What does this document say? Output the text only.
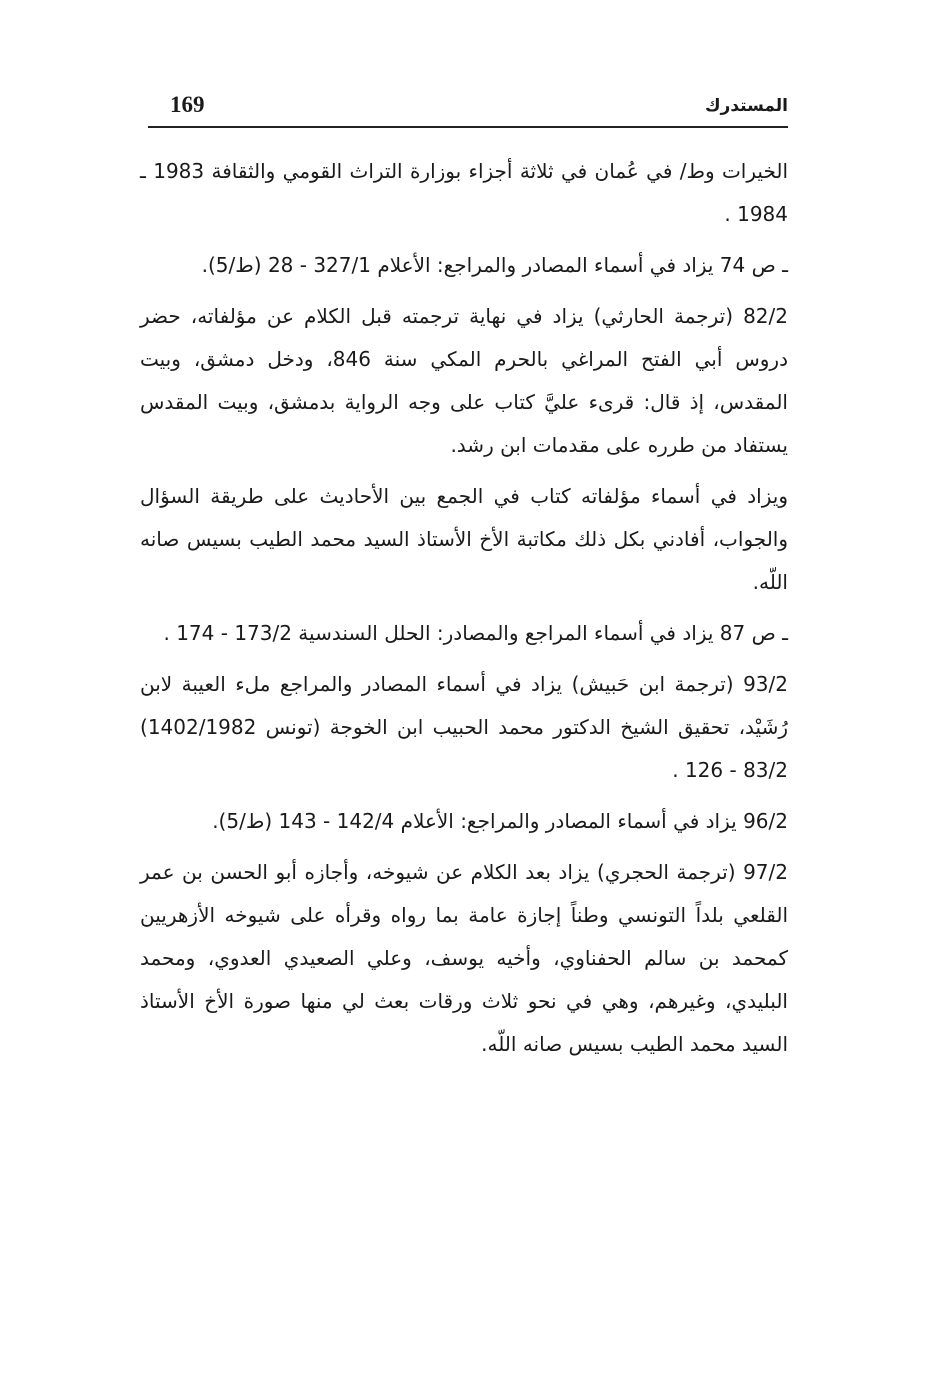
169	المستدرك

الخيرات وط/ في عُمان في ثلاثة أجزاء بوزارة التراث القومي والثقافة 1983 ـ 1984 .

ـ ص 74 يزاد في أسماء المصادر والمراجع: الأعلام 327/1 - 28 (ط/5).

82/2 (ترجمة الحارثي) يزاد في نهاية ترجمته قبل الكلام عن مؤلفاته، حضر دروس أبي الفتح المراغي بالحرم المكي سنة 846، ودخل دمشق، وبيت المقدس، إذ قال: قرىء عليَّ كتاب على وجه الرواية بدمشق، وبيت المقدس يستفاد من طرره على مقدمات ابن رشد.

ويزاد في أسماء مؤلفاته كتاب في الجمع بين الأحاديث على طريقة السؤال والجواب، أفادني بكل ذلك مكاتبة الأخ الأستاذ السيد محمد الطيب بسيس صانه اللّه.

ـ ص 87 يزاد في أسماء المراجع والمصادر: الحلل السندسية 173/2 - 174 .

93/2 (ترجمة ابن حَبيش) يزاد في أسماء المصادر والمراجع ملء العيبة لابن رُشَيْد، تحقيق الشيخ الدكتور محمد الحبيب ابن الخوجة (تونس 1402/1982) 83/2 - 126 .

96/2 يزاد في أسماء المصادر والمراجع: الأعلام 142/4 - 143 (ط/5).

97/2 (ترجمة الحجري) يزاد بعد الكلام عن شيوخه، وأجازه أبو الحسن بن عمر القلعي بلداً التونسي وطناً إجازة عامة بما رواه وقرأه على شيوخه الأزهريين كمحمد بن سالم الحفناوي، وأخيه يوسف، وعلي الصعيدي العدوي، ومحمد البليدي، وغيرهم، وهي في نحو ثلاث ورقات بعث لي منها صورة الأخ الأستاذ السيد محمد الطيب بسيس صانه اللّه.
